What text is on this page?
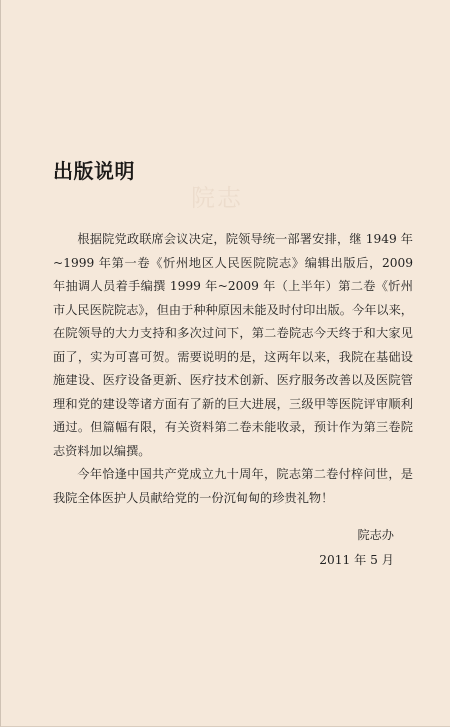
出版说明
院志

根据院党政联席会议决定，院领导统一部署安排，继 1949 年~1999 年第一卷《忻州地区人民医院院志》编辑出版后，2009 年抽调人员着手编撰 1999 年~2009 年（上半年）第二卷《忻州市人民医院院志》，但由于种种原因未能及时付印出版。今年以来，在院领导的大力支持和多次过问下，第二卷院志今天终于和大家见面了，实为可喜可贺。需要说明的是，这两年以来，我院在基础设施建设、医疗设备更新、医疗技术创新、医疗服务改善以及医院管理和党的建设等诸方面有了新的巨大进展，三级甲等医院评审顺利通过。但篇幅有限，有关资料第二卷未能收录，预计作为第三卷院志资料加以编撰。

今年恰逢中国共产党成立九十周年，院志第二卷付梓问世，是我院全体医护人员献给党的一份沉甸甸的珍贵礼物！

院志办
2011 年 5 月
